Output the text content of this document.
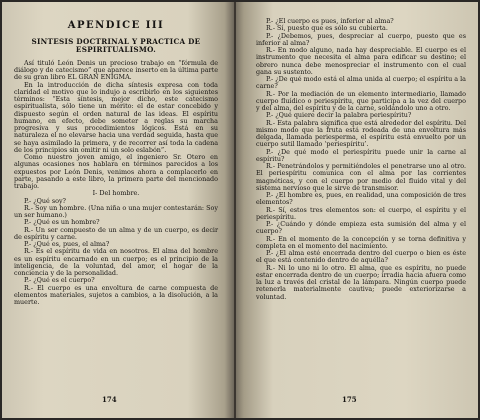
APENDICE III
SINTESIS DOCTRINAL Y PRACTICA DE
ESPIRITUALISMO.

Así tituló León Denis un precioso trabajo en “fórmula de diálogo y de catecismo” que aparece inserto en la última parte de su gran libro EL GRAN ENIGMA.

En la introducción de dicha síntesis expresa con toda claridad el motivo que lo indujo a escribirlo en los siguientes términos: “Esta síntesis, mejor dicho, este catecismo espiritualista, sólo tiene un mérito: el de estar concebido y dispuesto según el orden natural de las ideas. El espíritu humano, en efecto, debe someter a reglas su marcha progresiva y sus procedimientos lógicos. Está en su naturaleza el no elevarse hacia una verdad seguida, hasta que se haya asimilado la primera, y de recorrer así toda la cadena de los principios sin omitir ni un solo eslabón”.

Como nuestro joven amigo, el ingeniero Sr. Otero en algunas ocasiones nos hablara en términos parecidos a los expuestos por León Denis, venimos ahora a complacerlo en parte, pasando a este libro, la primera parte del mencionado trabajo.

I- Del hombre.

P.- ¿Qué soy?

R.- Soy un hombre. (Una niña o una mujer contestarán: Soy un ser humano.)

P.- ¿Qué es un hombre?

R.- Un ser compuesto de un alma y de un cuerpo, es decir de espíritu y carne.

P.- ¿Qué es, pues, el alma?

R.- Es el espíritu de vida en nosotros. El alma del hombre es un espíritu encarnado en un cuerpo; es el principio de la inteligencia, de la voluntad, del amor, el hogar de la conciencia y de la personalidad.

P.- ¿Qué es el cuerpo?

R.- El cuerpo es una envoltura de carne compuesta de elementos materiales, sujetos a cambios, a la disolución, a la muerte.

174

P.- ¿El cuerpo es pues, inferior al alma?

R.- Sí, puesto que es sólo su cubierta.

P.- ¿Debemos, pues, despreciar al cuerpo, puesto que es inferior al alma?

R.- En modo alguno, nada hay despreciable. El cuerpo es el instrumento que necesita el alma para edificar su destino; el obrero nunca debe menospreciar el instrumento con el cual gana su sustento.

P.- ¿De qué modo está el alma unida al cuerpo; el espíritu a la carne?

R.- Por la mediación de un elemento intermediario, llamado cuerpo fluídico o periespíritu, que participa a la vez del cuerpo y del alma, del espíritu y de la carne, soldándolo uno a otro.

P.- ¿Qué quiere decir la palabra periespíritu?

R.- Esta palabra significa que está alrededor del espíritu. Del mismo modo que la fruta está rodeada de una envoltura más delgada, llamada periesperma, el espíritu está envuelto por un cuerpo sutil llamado ‘periespíritu’.

P.- ¿De qué modo el periespíritu puede unir la carne al espíritu?

R.- Penetrándolos y permitiéndoles el penetrarse uno al otro. El periespíritu comunica con el alma por las corrientes magnéticas, y con el cuerpo por medio del fluido vital y del sistema nervioso que le sirve de transmisor.

P.- ¿El hombre es, pues, en realidad, una composición de tres elementos?

R.- Sí, estos tres elementos son: el cuerpo, el espíritu y el periespíritu.

P.- ¿Cuándo y dónde empieza esta sumisión del alma y el cuerpo?

R.- En el momento de la concepción y se torna definitiva y completa en el momento del nacimiento.

P.- ¿El alma esté encerrada dentro del cuerpo o bien es éste el que está contenido dentro de aquélla?

R.- Ni lo uno ni lo otro. El alma, que es espíritu, no puede estar encerrada dentro de un cuerpo; irradia hacia afuera como la luz a través del cristal de la lámpara. Ningún cuerpo puede retenerla materialmente cautiva; puede exteriorizarse a voluntad.

175
